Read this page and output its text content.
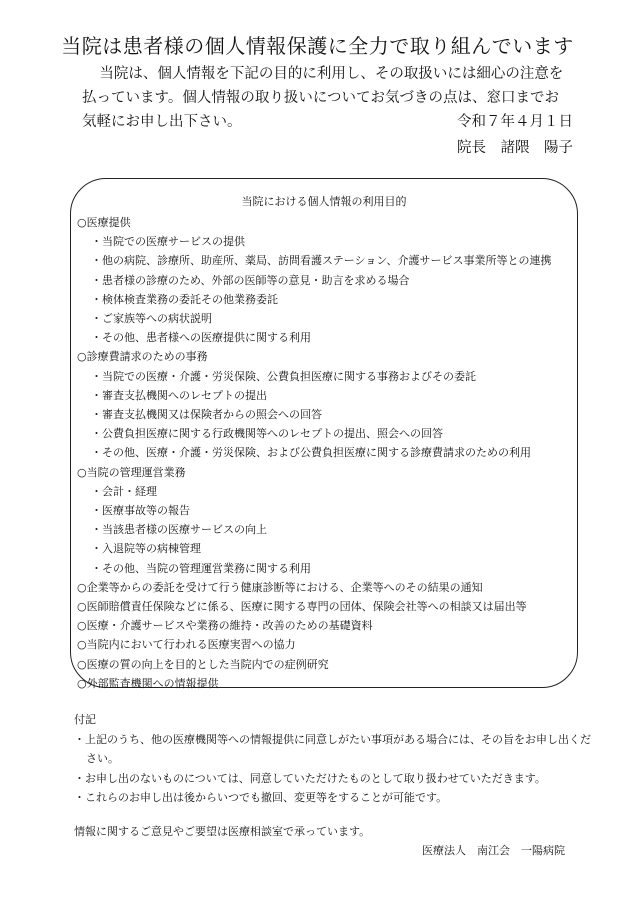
当院は患者様の個人情報保護に全力で取り組んでいます

当院は、個人情報を下記の目的に利用し、その取扱いには細心の注意を払っています。個人情報の取り扱いについてお気づきの点は、窓口までお気軽にお申し出下さい。	令和７年４月１日
院長　諸隈　陽子
当院における個人情報の利用目的
○医療提供
・当院での医療サービスの提供
・他の病院、診療所、助産所、薬局、訪問看護ステーション、介護サービス事業所等との連携
・患者様の診療のため、外部の医師等の意見・助言を求める場合
・検体検査業務の委託その他業務委託
・ご家族等への病状説明
・その他、患者様への医療提供に関する利用
○診療費請求のための事務
・当院での医療・介護・労災保険、公費負担医療に関する事務およびその委託
・審査支払機関へのレセプトの提出
・審査支払機関又は保険者からの照会への回答
・公費負担医療に関する行政機関等へのレセプトの提出、照会への回答
・その他、医療・介護・労災保険、および公費負担医療に関する診療費請求のための利用
○当院の管理運営業務
・会計・経理
・医療事故等の報告
・当該患者様の医療サービスの向上
・入退院等の病棟管理
・その他、当院の管理運営業務に関する利用
○企業等からの委託を受けて行う健康診断等における、企業等へのその結果の通知
○医師賠償責任保険などに係る、医療に関する専門の団体、保険会社等への相談又は届出等
○医療・介護サービスや業務の維持・改善のための基礎資料
○当院内において行われる医療実習への協力
○医療の質の向上を目的とした当院内での症例研究
○外部監査機関への情報提供
付記
・上記のうち、他の医療機関等への情報提供に同意しがたい事項がある場合には、その旨をお申し出ください。
・お申し出のないものについては、同意していただけたものとして取り扱わせていただきます。
・これらのお申し出は後からいつでも撤回、変更等をすることが可能です。
情報に関するご意見やご要望は医療相談室で承っています。
医療法人　南江会　一陽病院
